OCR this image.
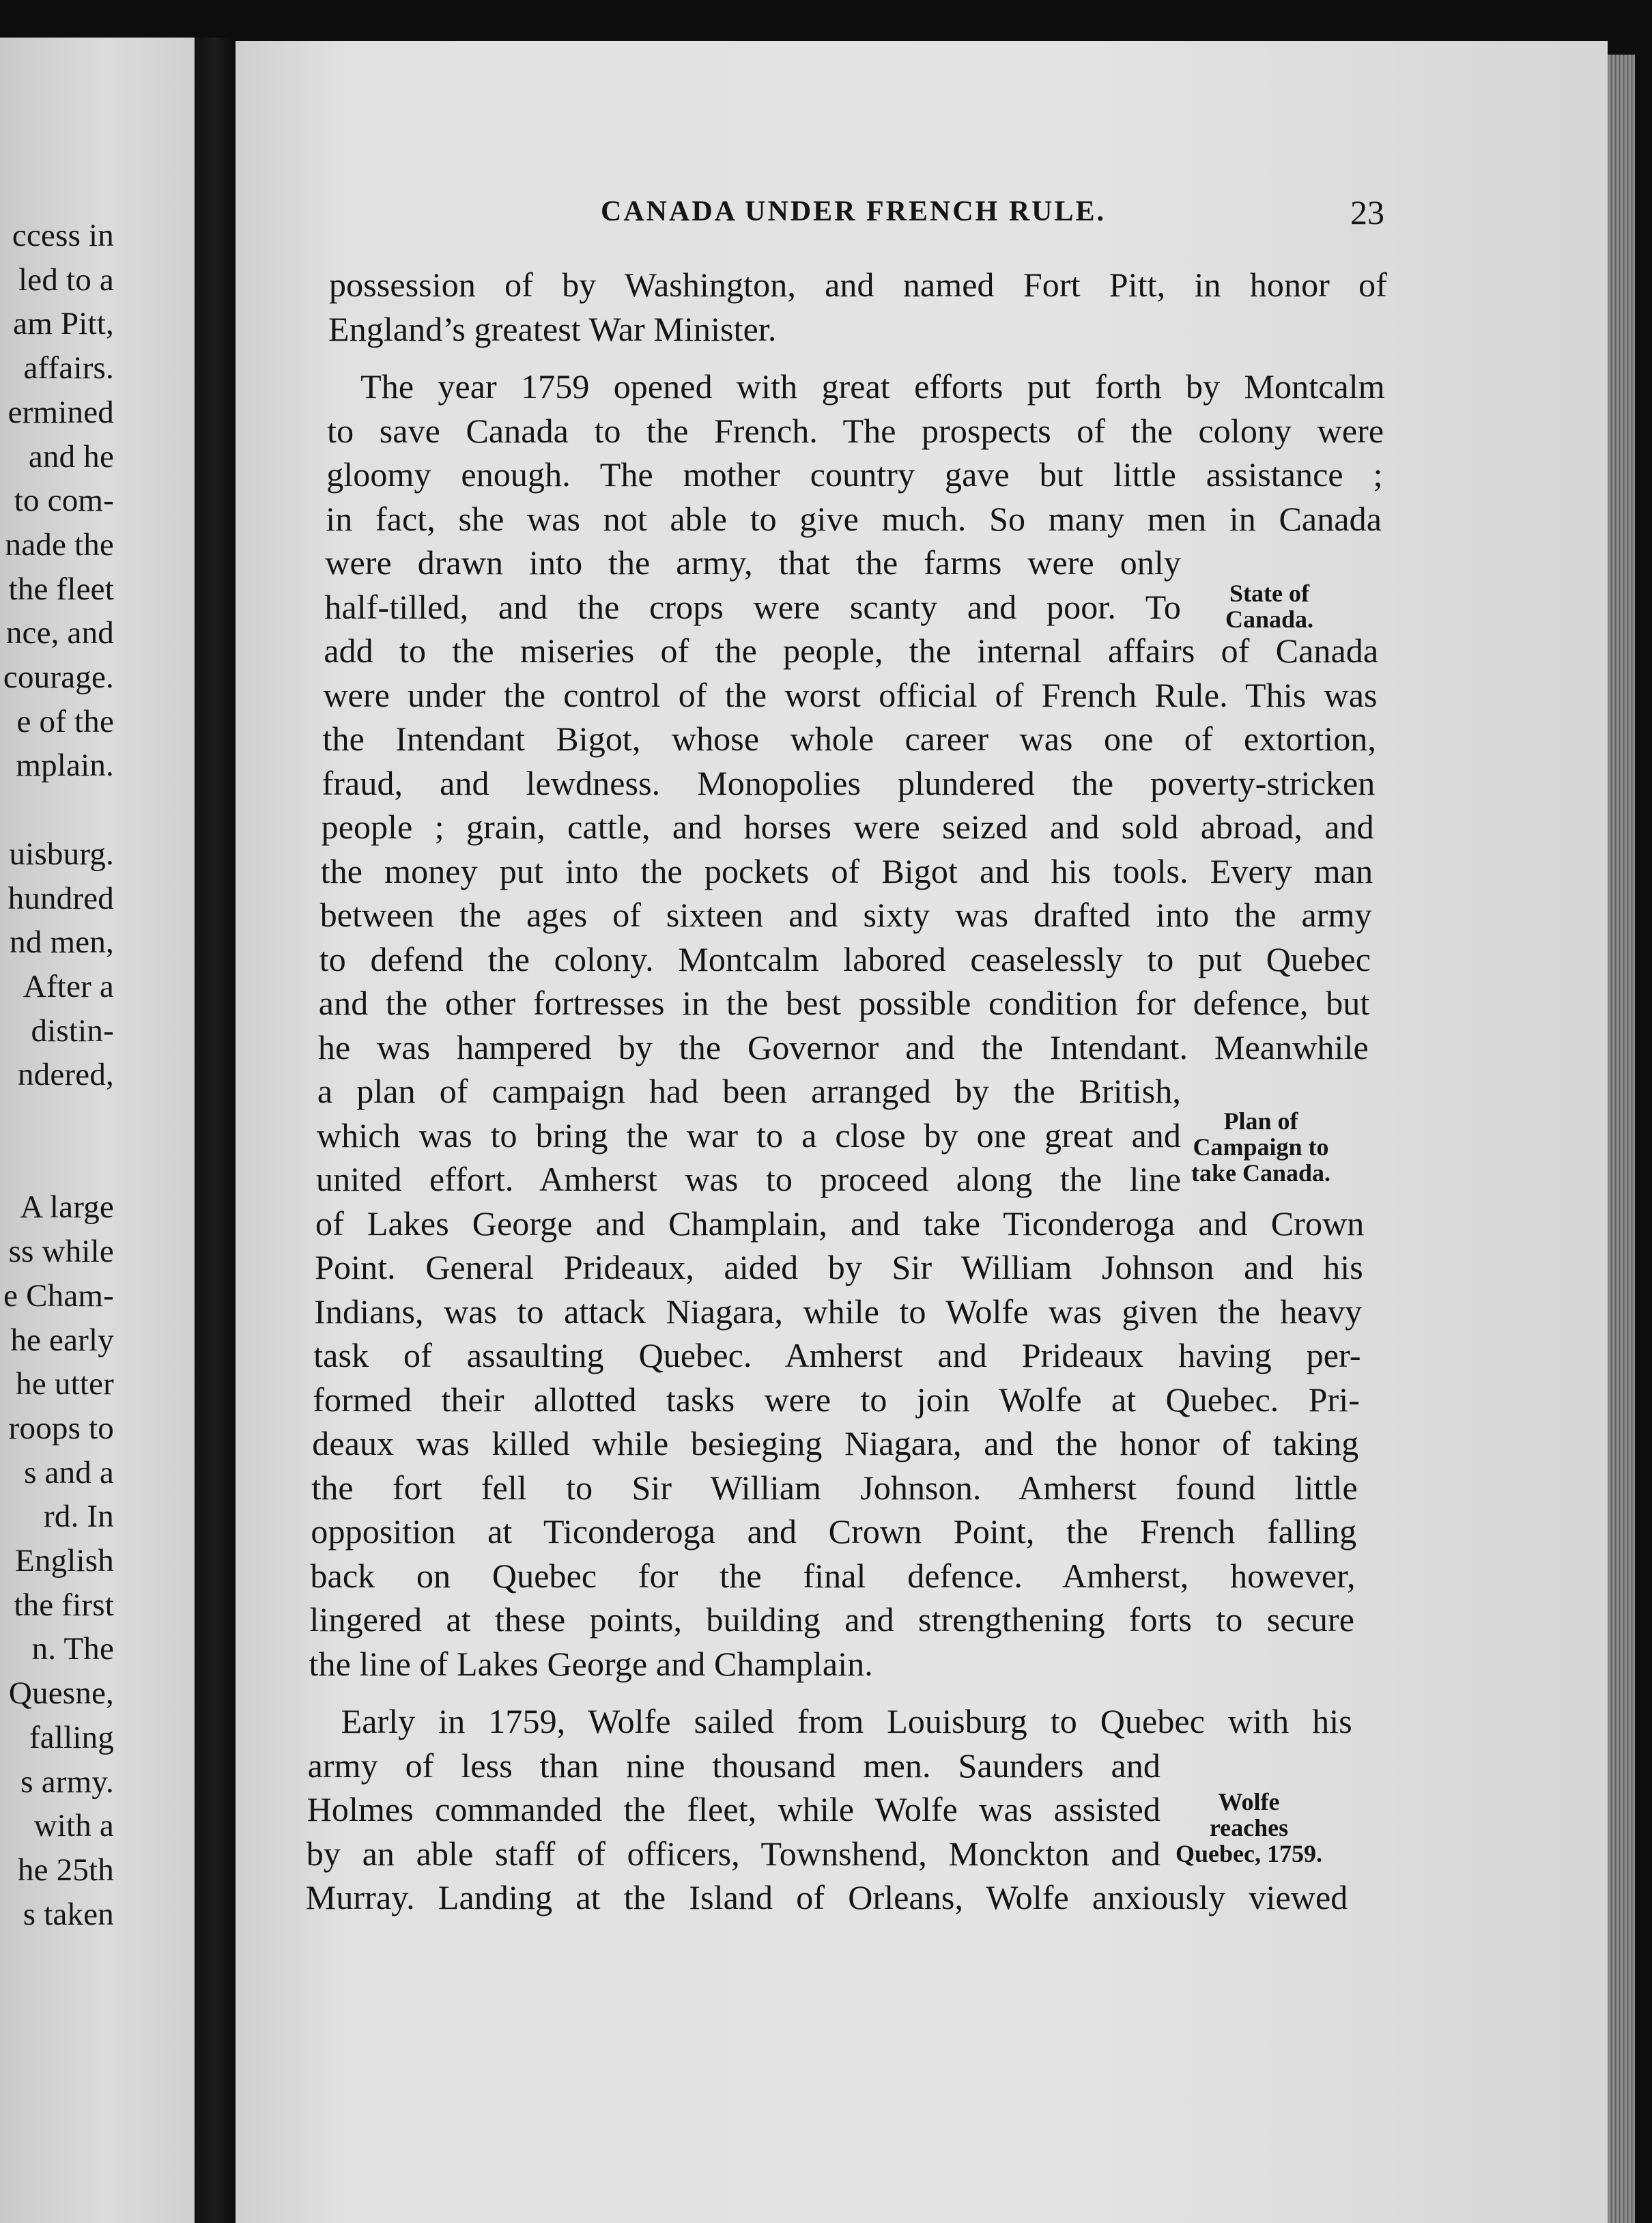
ccess in
led to a
am Pitt,
affairs.
ermined
and he
to com-
nade the
the fleet
nce, and
courage.
e of the
mplain.
uisburg.
hundred
nd men,
After a
distin-
ndered,
A large
ss while
e Cham-
he early
he utter
roops to
s and a
rd. In
English
the first
n. The
Quesne,
falling
s army.
with a
he 25th
s taken
CANADA UNDER FRENCH RULE.	23
possession of by Washington, and named Fort Pitt, in honor of
England’s greatest War Minister.
The year 1759 opened with great efforts put forth by Montcalm
to save Canada to the French. The prospects of the colony were
gloomy enough. The mother country gave but little assistance ;
in fact, she was not able to give much. So many men in Canada
were drawn into the army, that the farms were only
half-tilled, and the crops were scanty and poor. To
add to the miseries of the people, the internal affairs of Canada
were under the control of the worst official of French Rule. This was
the Intendant Bigot, whose whole career was one of extortion,
fraud, and lewdness. Monopolies plundered the poverty-stricken
people ; grain, cattle, and horses were seized and sold abroad, and
the money put into the pockets of Bigot and his tools. Every man
between the ages of sixteen and sixty was drafted into the army
to defend the colony. Montcalm labored ceaselessly to put Quebec
and the other fortresses in the best possible condition for defence, but
he was hampered by the Governor and the Intendant. Meanwhile
a plan of campaign had been arranged by the British,
which was to bring the war to a close by one great and
united effort. Amherst was to proceed along the line
of Lakes George and Champlain, and take Ticonderoga and Crown
Point. General Prideaux, aided by Sir William Johnson and his
Indians, was to attack Niagara, while to Wolfe was given the heavy
task of assaulting Quebec. Amherst and Prideaux having per-
formed their allotted tasks were to join Wolfe at Quebec. Pri-
deaux was killed while besieging Niagara, and the honor of taking
the fort fell to Sir William Johnson. Amherst found little
opposition at Ticonderoga and Crown Point, the French falling
back on Quebec for the final defence. Amherst, however,
lingered at these points, building and strengthening forts to secure
the line of Lakes George and Champlain.
Early in 1759, Wolfe sailed from Louisburg to Quebec with his
army of less than nine thousand men. Saunders and
Holmes commanded the fleet, while Wolfe was assisted
by an able staff of officers, Townshend, Monckton and
Murray. Landing at the Island of Orleans, Wolfe anxiously viewed
State of
Canada.
Plan of
Campaign to
take Canada.
Wolfe
reaches
Quebec, 1759.
